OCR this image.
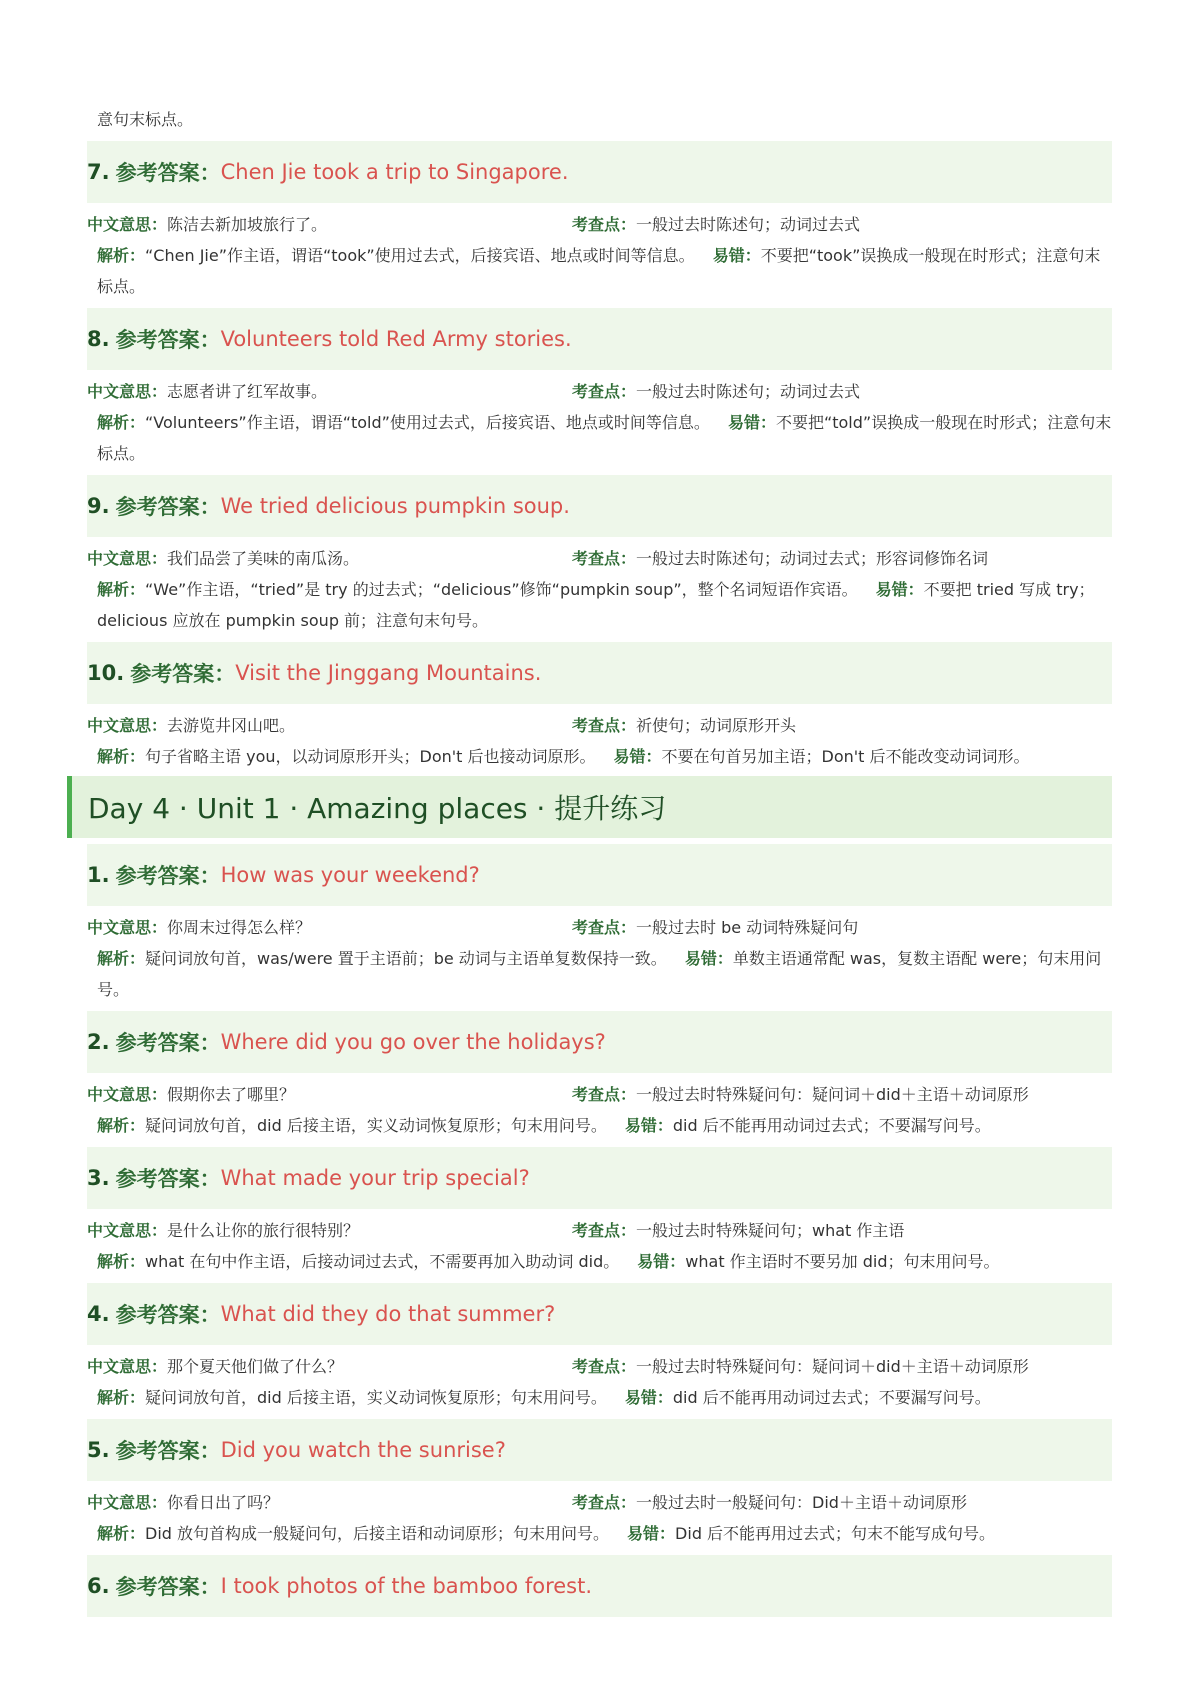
意句末标点。

7. 参考答案： Chen Jie took a trip to Singapore.
中文意思：陈洁去新加坡旅行了。	考查点：一般过去时陈述句；动词过去式

解析：“Chen Jie”作主语，谓语“took”使用过去式，后接宾语、地点或时间等信息。 易错：不要把“took”误换成一般现在时形式；注意句末标点。

8. 参考答案： Volunteers told Red Army stories.
中文意思：志愿者讲了红军故事。	考查点：一般过去时陈述句；动词过去式

解析：“Volunteers”作主语，谓语“told”使用过去式，后接宾语、地点或时间等信息。 易错：不要把“told”误换成一般现在时形式；注意句末标点。

9. 参考答案： We tried delicious pumpkin soup.
中文意思：我们品尝了美味的南瓜汤。	考查点：一般过去时陈述句；动词过去式；形容词修饰名词

解析：“We”作主语，“tried”是 try 的过去式；“delicious”修饰“pumpkin soup”，整个名词短语作宾语。 易错：不要把 tried 写成 try；delicious 应放在 pumpkin soup 前；注意句末句号。

10. 参考答案： Visit the Jinggang Mountains.
中文意思：去游览井冈山吧。	考查点：祈使句；动词原形开头

解析：句子省略主语 you，以动词原形开头；Don't 后也接动词原形。 易错：不要在句首另加主语；Don't 后不能改变动词词形。

Day 4 · Unit 1 · Amazing places · 提升练习
1. 参考答案： How was your weekend?
中文意思：你周末过得怎么样？	考查点：一般过去时 be 动词特殊疑问句

解析：疑问词放句首，was/were 置于主语前；be 动词与主语单复数保持一致。 易错：单数主语通常配 was，复数主语配 were；句末用问号。

2. 参考答案： Where did you go over the holidays?
中文意思：假期你去了哪里？	考查点：一般过去时特殊疑问句：疑问词＋did＋主语＋动词原形

解析：疑问词放句首，did 后接主语，实义动词恢复原形；句末用问号。 易错：did 后不能再用动词过去式；不要漏写问号。

3. 参考答案： What made your trip special?
中文意思：是什么让你的旅行很特别？	考查点：一般过去时特殊疑问句；what 作主语

解析：what 在句中作主语，后接动词过去式，不需要再加入助动词 did。 易错：what 作主语时不要另加 did；句末用问号。

4. 参考答案： What did they do that summer?
中文意思：那个夏天他们做了什么？	考查点：一般过去时特殊疑问句：疑问词＋did＋主语＋动词原形

解析：疑问词放句首，did 后接主语，实义动词恢复原形；句末用问号。 易错：did 后不能再用动词过去式；不要漏写问号。

5. 参考答案： Did you watch the sunrise?
中文意思：你看日出了吗？	考查点：一般过去时一般疑问句：Did＋主语＋动词原形

解析：Did 放句首构成一般疑问句，后接主语和动词原形；句末用问号。 易错：Did 后不能再用过去式；句末不能写成句号。

6. 参考答案： I took photos of the bamboo forest.
